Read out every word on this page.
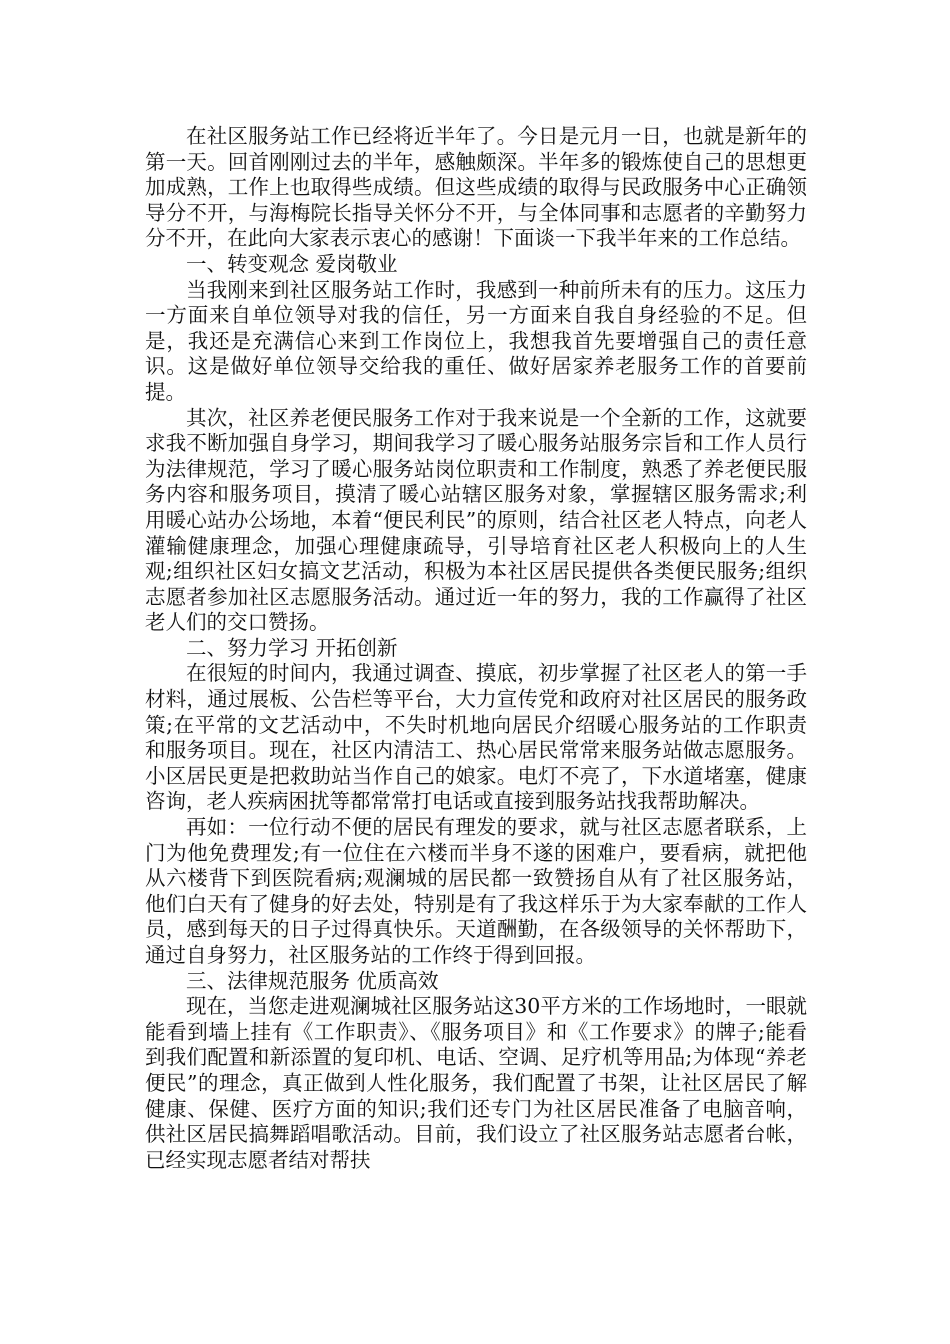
在社区服务站工作已经将近半年了。今日是元月一日，也就是新年的第一天。回首刚刚过去的半年，感触颇深。半年多的锻炼使自己的思想更加成熟，工作上也取得些成绩。但这些成绩的取得与民政服务中心正确领导分不开，与海梅院长指导关怀分不开，与全体同事和志愿者的辛勤努力分不开，在此向大家表示衷心的感谢！下面谈一下我半年来的工作总结。

一、转变观念 爱岗敬业

当我刚来到社区服务站工作时，我感到一种前所未有的压力。这压力一方面来自单位领导对我的信任，另一方面来自我自身经验的不足。但是，我还是充满信心来到工作岗位上，我想我首先要增强自己的责任意识。这是做好单位领导交给我的重任、做好居家养老服务工作的首要前提。

其次，社区养老便民服务工作对于我来说是一个全新的工作，这就要求我不断加强自身学习，期间我学习了暖心服务站服务宗旨和工作人员行为法律规范，学习了暖心服务站岗位职责和工作制度，熟悉了养老便民服务内容和服务项目，摸清了暖心站辖区服务对象，掌握辖区服务需求;利用暖心站办公场地，本着“便民利民”的原则，结合社区老人特点，向老人灌输健康理念，加强心理健康疏导，引导培育社区老人积极向上的人生观;组织社区妇女搞文艺活动，积极为本社区居民提供各类便民服务;组织志愿者参加社区志愿服务活动。通过近一年的努力，我的工作赢得了社区老人们的交口赞扬。

二、努力学习 开拓创新

在很短的时间内，我通过调查、摸底，初步掌握了社区老人的第一手材料，通过展板、公告栏等平台，大力宣传党和政府对社区居民的服务政策;在平常的文艺活动中，不失时机地向居民介绍暖心服务站的工作职责和服务项目。现在，社区内清洁工、热心居民常常来服务站做志愿服务。小区居民更是把救助站当作自己的娘家。电灯不亮了，下水道堵塞，健康咨询，老人疾病困扰等都常常打电话或直接到服务站找我帮助解决。

再如：一位行动不便的居民有理发的要求，就与社区志愿者联系，上门为他免费理发;有一位住在六楼而半身不遂的困难户，要看病，就把他从六楼背下到医院看病;观澜城的居民都一致赞扬自从有了社区服务站，他们白天有了健身的好去处，特别是有了我这样乐于为大家奉献的工作人员，感到每天的日子过得真快乐。天道酬勤，在各级领导的关怀帮助下，通过自身努力，社区服务站的工作终于得到回报。

三、法律规范服务 优质高效

现在，当您走进观澜城社区服务站这30平方米的工作场地时，一眼就能看到墙上挂有《工作职责》、《服务项目》和《工作要求》的牌子;能看到我们配置和新添置的复印机、电话、空调、足疗机等用品;为体现“养老便民”的理念，真正做到人性化服务，我们配置了书架，让社区居民了解健康、保健、医疗方面的知识;我们还专门为社区居民准备了电脑音响，供社区居民搞舞蹈唱歌活动。目前，我们设立了社区服务站志愿者台帐，已经实现志愿者结对帮扶
